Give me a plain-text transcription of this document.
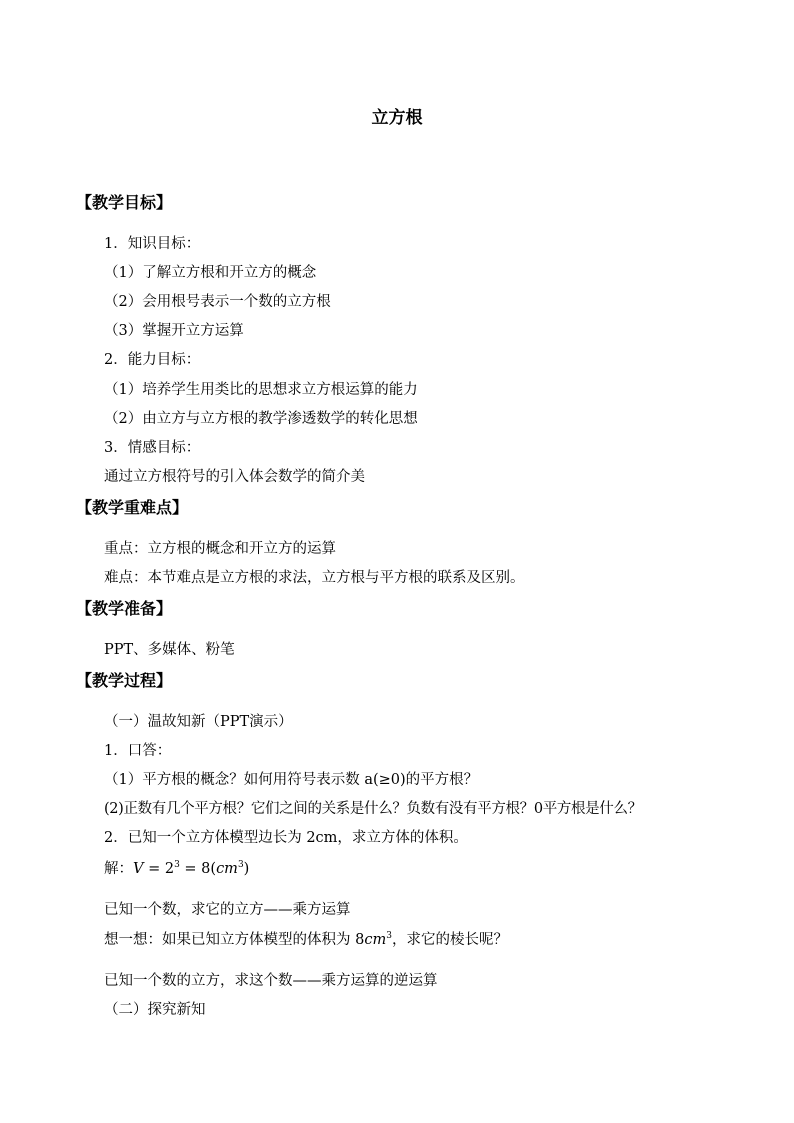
立方根
【教学目标】
1．知识目标：
（1）了解立方根和开立方的概念
（2）会用根号表示一个数的立方根
（3）掌握开立方运算
2．能力目标：
（1）培养学生用类比的思想求立方根运算的能力
（2）由立方与立方根的教学渗透数学的转化思想
3．情感目标：
通过立方根符号的引入体会数学的简介美
【教学重难点】
重点：立方根的概念和开立方的运算
难点：本节难点是立方根的求法，立方根与平方根的联系及区别。
【教学准备】
PPT、多媒体、粉笔
【教学过程】
（一）温故知新（PPT演示）
1．口答：
（1）平方根的概念？如何用符号表示数 a(≥0)的平方根？
(2)正数有几个平方根？它们之间的关系是什么？负数有没有平方根？0平方根是什么？
2．已知一个立方体模型边长为 2cm，求立方体的体积。
解：$V = 2^3 = 8(cm^3)$
已知一个数，求它的立方——乘方运算
想一想：如果已知立方体模型的体积为 $8cm^3$，求它的棱长呢？
已知一个数的立方，求这个数——乘方运算的逆运算
（二）探究新知
